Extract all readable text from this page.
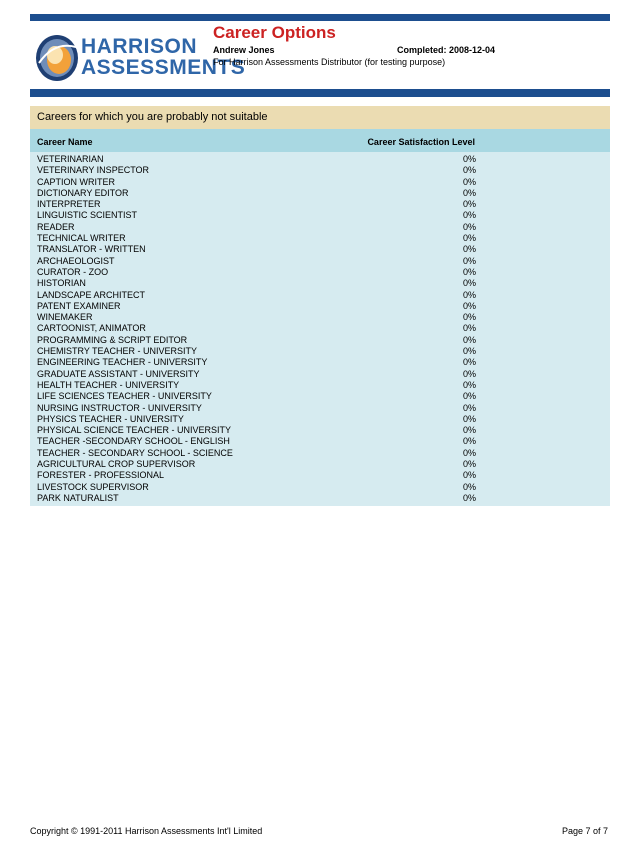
HARRISON
ASSESSMENTS
Career Options
Andrew Jones	Completed: 2008-12-04
For Harrison Assessments Distributor (for testing purpose)
Careers for which you are probably not suitable
Career Name	Career Satisfaction Level
VETERINARIAN	0%
VETERINARY INSPECTOR	0%
CAPTION WRITER	0%
DICTIONARY EDITOR	0%
INTERPRETER	0%
LINGUISTIC SCIENTIST	0%
READER	0%
TECHNICAL WRITER	0%
TRANSLATOR - WRITTEN	0%
ARCHAEOLOGIST	0%
CURATOR - ZOO	0%
HISTORIAN	0%
LANDSCAPE ARCHITECT	0%
PATENT EXAMINER	0%
WINEMAKER	0%
CARTOONIST, ANIMATOR	0%
PROGRAMMING & SCRIPT EDITOR	0%
CHEMISTRY TEACHER - UNIVERSITY	0%
ENGINEERING TEACHER - UNIVERSITY	0%
GRADUATE ASSISTANT - UNIVERSITY	0%
HEALTH TEACHER - UNIVERSITY	0%
LIFE SCIENCES TEACHER - UNIVERSITY	0%
NURSING INSTRUCTOR - UNIVERSITY	0%
PHYSICS TEACHER - UNIVERSITY	0%
PHYSICAL SCIENCE TEACHER - UNIVERSITY	0%
TEACHER -SECONDARY SCHOOL - ENGLISH	0%
TEACHER - SECONDARY SCHOOL - SCIENCE	0%
AGRICULTURAL CROP SUPERVISOR	0%
FORESTER - PROFESSIONAL	0%
LIVESTOCK SUPERVISOR	0%
PARK NATURALIST	0%
Copyright © 1991-2011 Harrison Assessments Int'l Limited	Page 7 of 7
